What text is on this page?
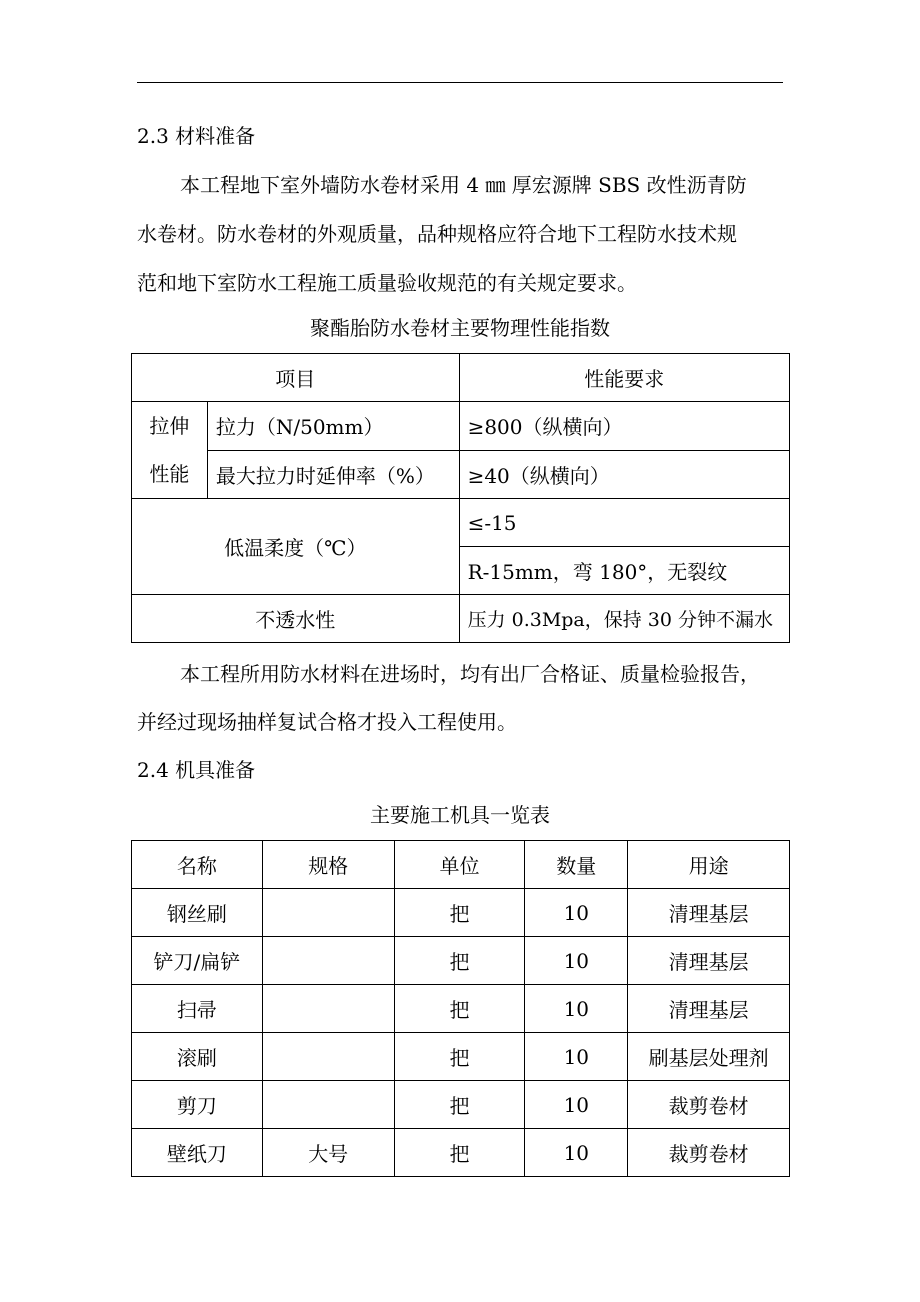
2.3 材料准备
本工程地下室外墙防水卷材采用 4 ㎜ 厚宏源牌 SBS 改性沥青防
水卷材。防水卷材的外观质量，品种规格应符合地下工程防水技术规
范和地下室防水工程施工质量验收规范的有关规定要求。
聚酯胎防水卷材主要物理性能指数
项目		性能要求

拉伸
性能	拉力（N/50mm）	≥800（纵横向）
	最大拉力时延伸率（%）	≥40（纵横向）
低温柔度（℃）		≤-15
		R-15mm，弯 180°，无裂纹
不透水性		压力 0.3Mpa，保持 30 分钟不漏水
本工程所用防水材料在进场时，均有出厂合格证、质量检验报告，
并经过现场抽样复试合格才投入工程使用。
2.4 机具准备
主要施工机具一览表
名称	规格	单位	数量	用途
钢丝刷		把	10	清理基层
铲刀/扁铲		把	10	清理基层
扫帚		把	10	清理基层
滚刷		把	10	刷基层处理剂
剪刀		把	10	裁剪卷材
壁纸刀	大号	把	10	裁剪卷材
